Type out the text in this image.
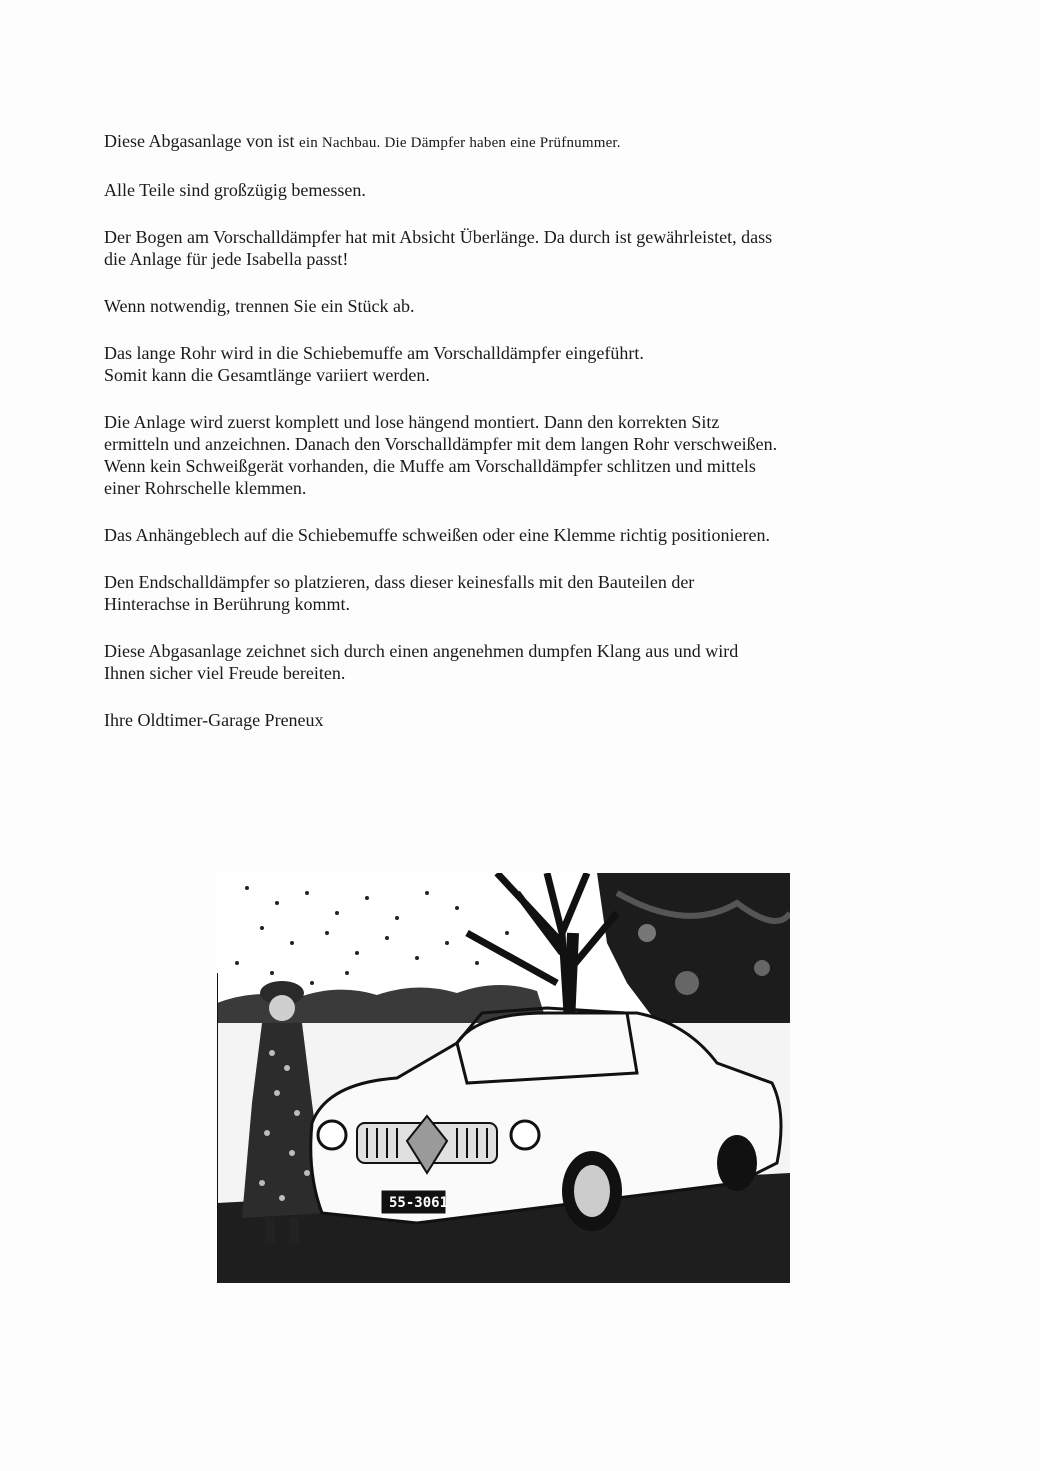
Diese Abgasanlage von ist ein Nachbau. Die Dämpfer haben eine Prüfnummer.

Alle Teile sind großzügig bemessen.

Der Bogen am Vorschalldämpfer hat mit Absicht Überlänge. Da durch ist gewährleistet, dass
die Anlage für jede Isabella passt!

Wenn notwendig, trennen Sie ein Stück ab.

Das lange Rohr wird in die Schiebemuffe am Vorschalldämpfer eingeführt.
Somit kann die Gesamtlänge variiert werden.

Die Anlage wird zuerst komplett und lose hängend montiert. Dann den korrekten Sitz
ermitteln und anzeichnen. Danach den Vorschalldämpfer mit dem langen Rohr verschweißen.
Wenn kein Schweißgerät vorhanden, die Muffe am Vorschalldämpfer schlitzen und mittels
einer Rohrschelle klemmen.

Das Anhängeblech auf die Schiebemuffe schweißen oder eine Klemme richtig positionieren.

Den Endschalldämpfer so platzieren, dass dieser keinesfalls mit den Bauteilen der
Hinterachse in Berührung kommt.

Diese Abgasanlage zeichnet sich durch einen angenehmen dumpfen Klang aus und wird
Ihnen sicher viel Freude bereiten.

Ihre Oldtimer-Garage Preneux

55-3061
